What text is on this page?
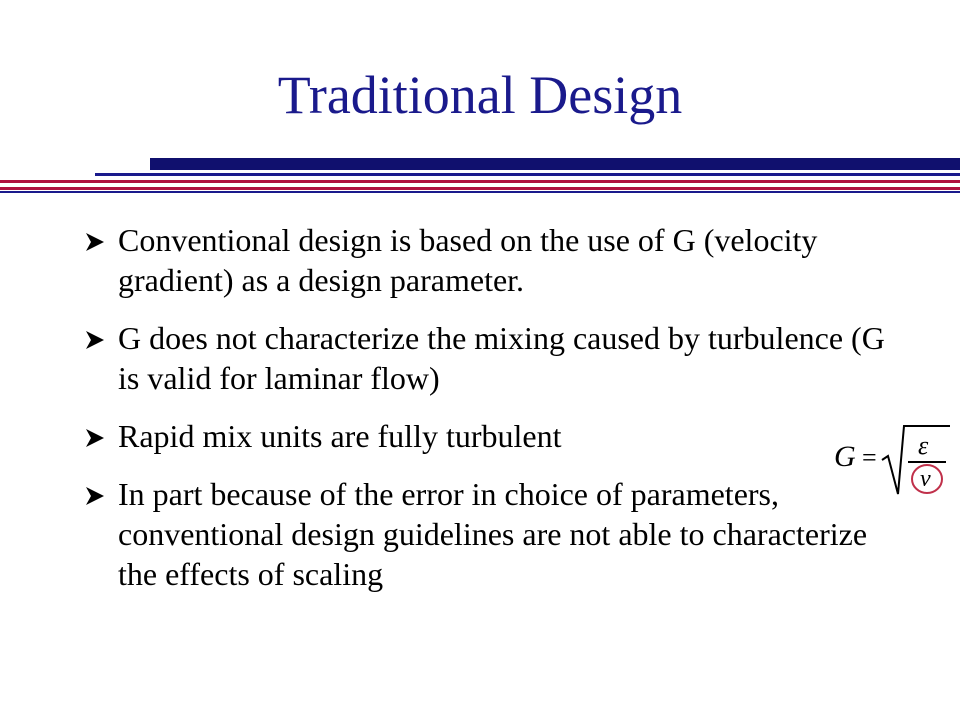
Traditional Design
Conventional design is based on the use of G (velocity gradient) as a design parameter.
G does not characterize the mixing caused by turbulence (G is valid for laminar flow)
Rapid mix units are fully turbulent
In part because of the error in choice of parameters, conventional design guidelines are not able to characterize the effects of scaling
G = ε
ν
